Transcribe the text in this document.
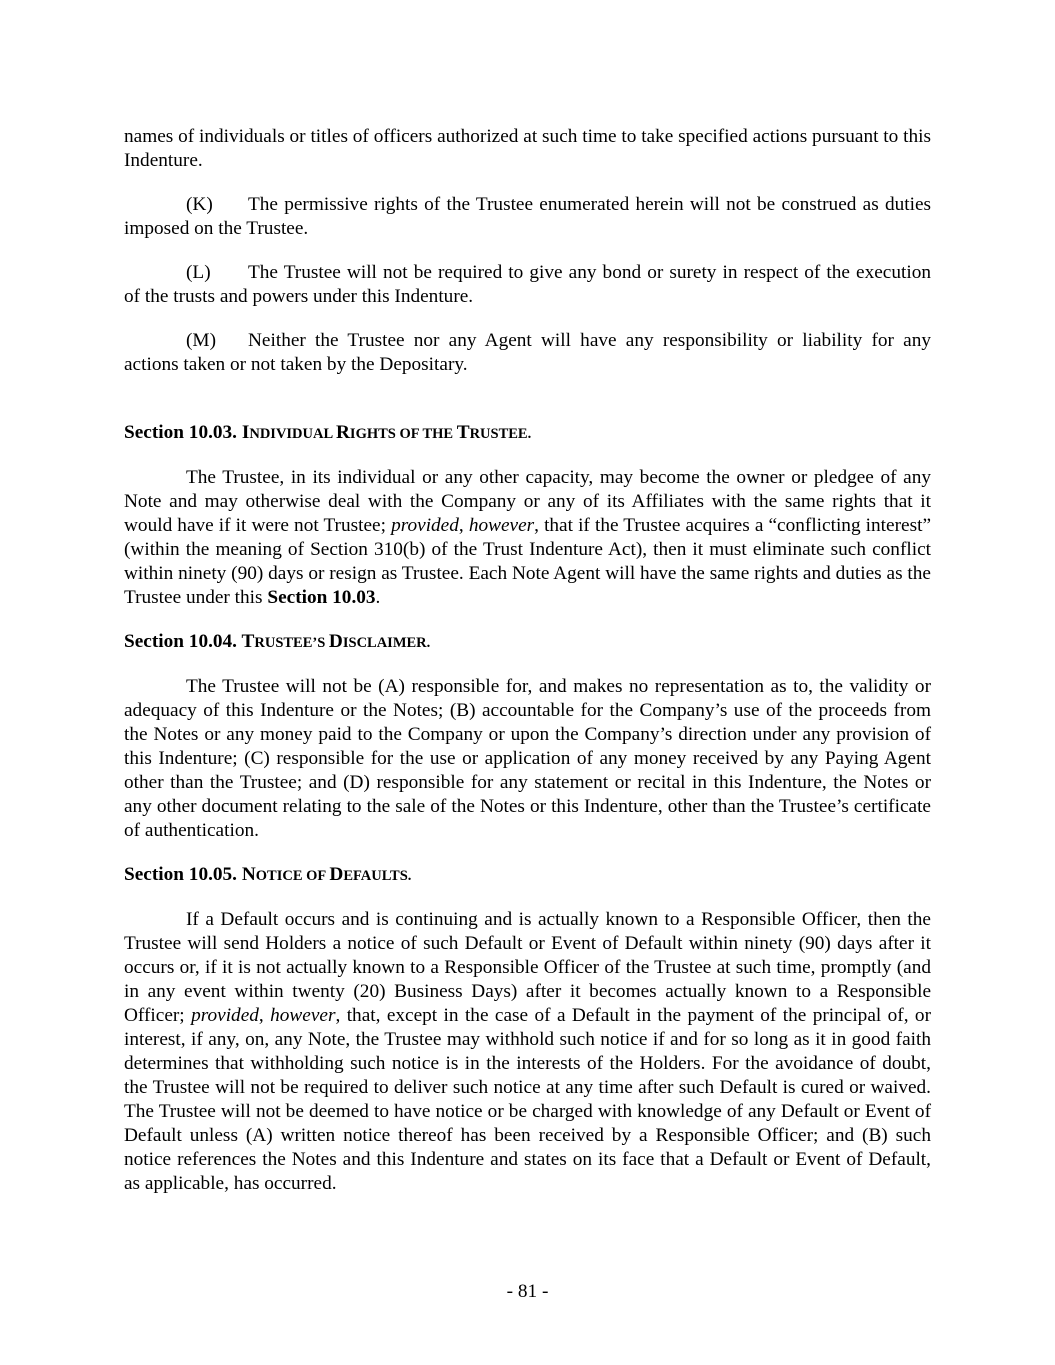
names of individuals or titles of officers authorized at such time to take specified actions pursuant to this Indenture.

(K) The permissive rights of the Trustee enumerated herein will not be construed as duties imposed on the Trustee.

(L) The Trustee will not be required to give any bond or surety in respect of the execution of the trusts and powers under this Indenture.

(M) Neither the Trustee nor any Agent will have any responsibility or liability for any actions taken or not taken by the Depositary.

Section 10.03. INDIVIDUAL RIGHTS OF THE TRUSTEE.

The Trustee, in its individual or any other capacity, may become the owner or pledgee of any Note and may otherwise deal with the Company or any of its Affiliates with the same rights that it would have if it were not Trustee; provided, however, that if the Trustee acquires a “conflicting interest” (within the meaning of Section 310(b) of the Trust Indenture Act), then it must eliminate such conflict within ninety (90) days or resign as Trustee. Each Note Agent will have the same rights and duties as the Trustee under this Section 10.03.

Section 10.04. TRUSTEE’S DISCLAIMER.

The Trustee will not be (A) responsible for, and makes no representation as to, the validity or adequacy of this Indenture or the Notes; (B) accountable for the Company’s use of the proceeds from the Notes or any money paid to the Company or upon the Company’s direction under any provision of this Indenture; (C) responsible for the use or application of any money received by any Paying Agent other than the Trustee; and (D) responsible for any statement or recital in this Indenture, the Notes or any other document relating to the sale of the Notes or this Indenture, other than the Trustee’s certificate of authentication.

Section 10.05. NOTICE OF DEFAULTS.

If a Default occurs and is continuing and is actually known to a Responsible Officer, then the Trustee will send Holders a notice of such Default or Event of Default within ninety (90) days after it occurs or, if it is not actually known to a Responsible Officer of the Trustee at such time, promptly (and in any event within twenty (20) Business Days) after it becomes actually known to a Responsible Officer; provided, however, that, except in the case of a Default in the payment of the principal of, or interest, if any, on, any Note, the Trustee may withhold such notice if and for so long as it in good faith determines that withholding such notice is in the interests of the Holders. For the avoidance of doubt, the Trustee will not be required to deliver such notice at any time after such Default is cured or waived. The Trustee will not be deemed to have notice or be charged with knowledge of any Default or Event of Default unless (A) written notice thereof has been received by a Responsible Officer; and (B) such notice references the Notes and this Indenture and states on its face that a Default or Event of Default, as applicable, has occurred.

- 81 -
